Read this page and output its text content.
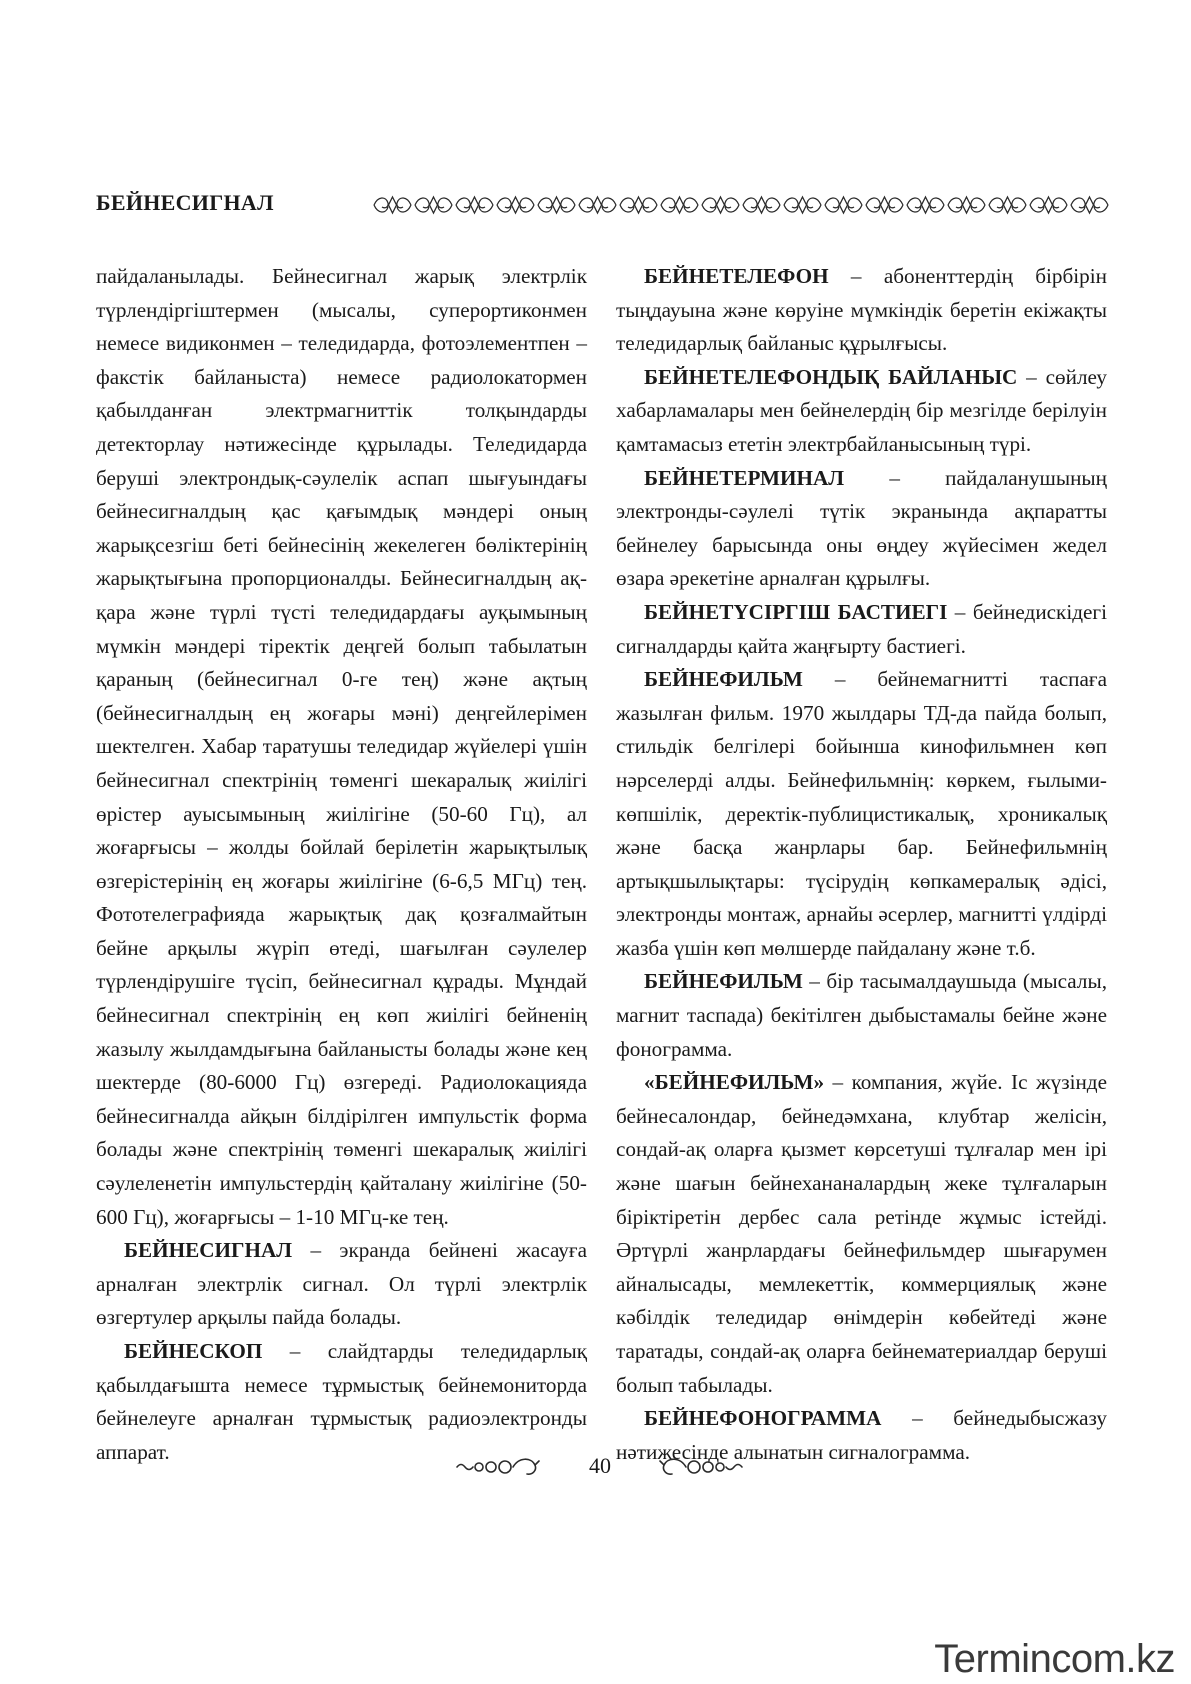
БЕЙНЕСИГНАЛ

пайдаланылады. Бейнесигнал жарық электрлік түрлендіргіштермен (мысалы, суперортиконмен немесе видиконмен – теледидарда, фотоэлементпен – факстік байланыста) немесе радиолокатормен қабылданған электрмагниттік толқындарды детекторлау нәтижесінде құрылады. Теледидарда беруші электрондық-сәулелік аспап шығуындағы бейнесигналдың қас қағымдық мәндері оның жарықсезгіш беті бейнесінің жекелеген бөліктерінің жарықтығына пропорционалды. Бейнесигналдың ақ-қара және түрлі түсті теледидардағы ауқымының мүмкін мәндері тіректік деңгей болып табылатын қараның (бейнесигнал 0-ге тең) және ақтың (бейнесигналдың ең жоғары мәні) деңгейлерімен шектелген. Хабар таратушы теледидар жүйелері үшін бейнесигнал спектрінің төменгі шекаралық жиілігі өрістер ауысымының жиілігіне (50-60 Гц), ал жоғарғысы – жолды бойлай берілетін жарықтылық өзгерістерінің ең жоғары жиілігіне (6-6,5 МГц) тең. Фототелеграфияда жарықтық дақ қозғалмайтын бейне арқылы жүріп өтеді, шағылған сәулелер түрлендірушіге түсіп, бейнесигнал құрады. Мұндай бейнесигнал спектрінің ең көп жиілігі бейненің жазылу жылдамдығына байланысты болады және кең шектерде (80-6000 Гц) өзгереді. Радиолокацияда бейнесигналда айқын білдірілген импульстік форма болады және спектрінің төменгі шекаралық жиілігі сәулеленетін импульстердің қайталану жиілігіне (50-600 Гц), жоғарғысы – 1-10 МГц-ке тең.

БЕЙНЕСИГНАЛ – экранда бейнені жасауға арналған электрлік сигнал. Ол түрлі электрлік өзгертулер арқылы пайда болады.

БЕЙНЕСКОП – слайдтарды теледидарлық қабылдағышта немесе тұрмыстық бейнемониторда бейнелеуге арналған тұрмыстық радиоэлектронды аппарат.

БЕЙНЕТЕЛЕФОН – абоненттердің бірбірін тыңдауына және көруіне мүмкіндік беретін екіжақты теледидарлық байланыс құрылғысы.

БЕЙНЕТЕЛЕФОНДЫҚ БАЙЛАНЫС – сөйлеу хабарламалары мен бейнелердің бір мезгілде берілуін қамтамасыз ететін электрбайланысының түрі.

БЕЙНЕТЕРМИНАЛ – пайдаланушының электронды-сәулелі түтік экранында ақпаратты бейнелеу барысында оны өңдеу жүйесімен жедел өзара әрекетіне арналған құрылғы.

БЕЙНЕТҮСІРГІШ БАСТИЕГІ – бейнедискідегі сигналдарды қайта жаңғырту бастиегі.

БЕЙНЕФИЛЬМ – бейнемагнитті таспаға жазылған фильм. 1970 жылдары ТД-да пайда болып, стильдік белгілері бойынша кинофильмнен көп нәрселерді алды. Бейнефильмнің: көркем, ғылыми-көпшілік, деректік-публицистикалық, хроникалық және басқа жанрлары бар. Бейнефильмнің артықшылықтары: түсірудің көпкамералық әдісі, электронды монтаж, арнайы әсерлер, магнитті үлдірді жазба үшін көп мөлшерде пайдалану және т.б.

БЕЙНЕФИЛЬМ – бір тасымалдаушыда (мысалы, магнит таспада) бекітілген дыбыстамалы бейне және фонограмма.

«БЕЙНЕФИЛЬМ» – компания, жүйе. Іс жүзінде бейнесалондар, бейнедәмхана, клубтар желісін, сондай-ақ оларға қызмет көрсетуші тұлғалар мен ірі және шағын бейнехананалардың жеке тұлғаларын біріктіретін дербес сала ретінде жұмыс істейді. Әртүрлі жанрлардағы бейнефильмдер шығарумен айналысады, мемлекеттік, коммерциялық және кәбілдік теледидар өнімдерін көбейтеді және таратады, сондай-ақ оларға бейнематериалдар беруші болып табылады.

БЕЙНЕФОНОГРАММА – бейнедыбысжазу нәтижесінде алынатын сигналограмма.

40
Termincom.kz
